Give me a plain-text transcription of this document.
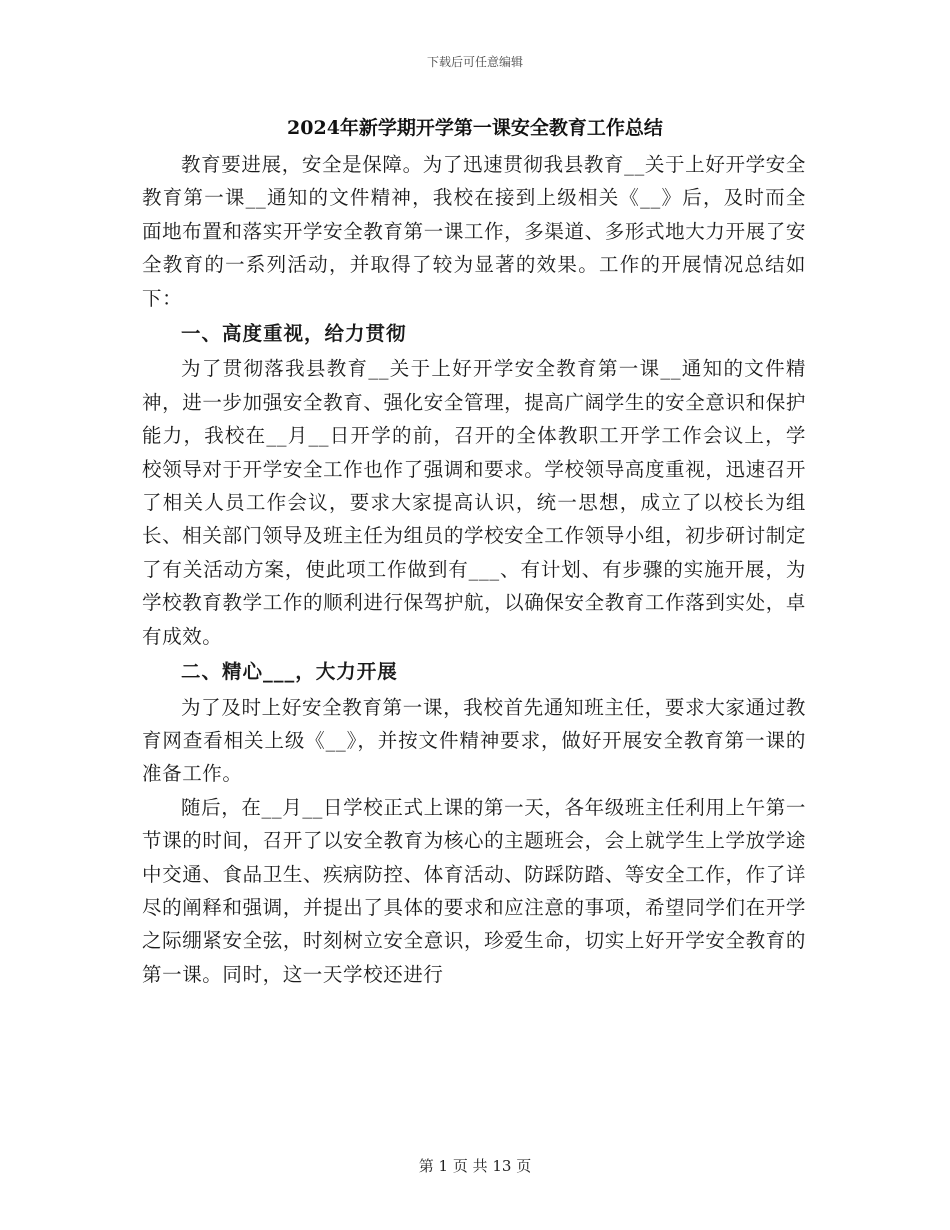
下载后可任意编辑
2024年新学期开学第一课安全教育工作总结

教育要进展，安全是保障。为了迅速贯彻我县教育__关于上好开学安全教育第一课__通知的文件精神，我校在接到上级相关《__》后，及时而全面地布置和落实开学安全教育第一课工作，多渠道、多形式地大力开展了安全教育的一系列活动，并取得了较为显著的效果。工作的开展情况总结如下：

一、高度重视，给力贯彻

为了贯彻落我县教育__关于上好开学安全教育第一课__通知的文件精神，进一步加强安全教育、强化安全管理，提高广阔学生的安全意识和保护能力，我校在__月__日开学的前，召开的全体教职工开学工作会议上，学校领导对于开学安全工作也作了强调和要求。学校领导高度重视，迅速召开了相关人员工作会议，要求大家提高认识，统一思想，成立了以校长为组长、相关部门领导及班主任为组员的学校安全工作领导小组，初步研讨制定了有关活动方案，使此项工作做到有___、有计划、有步骤的实施开展，为学校教育教学工作的顺利进行保驾护航，以确保安全教育工作落到实处，卓有成效。

二、精心___，大力开展

为了及时上好安全教育第一课，我校首先通知班主任，要求大家通过教育网查看相关上级《__》，并按文件精神要求，做好开展安全教育第一课的准备工作。

随后，在__月__日学校正式上课的第一天，各年级班主任利用上午第一节课的时间，召开了以安全教育为核心的主题班会，会上就学生上学放学途中交通、食品卫生、疾病防控、体育活动、防踩防踏、等安全工作，作了详尽的阐释和强调，并提出了具体的要求和应注意的事项，希望同学们在开学之际绷紧安全弦，时刻树立安全意识，珍爱生命，切实上好开学安全教育的第一课。同时，这一天学校还进行

第 1 页 共 13 页
